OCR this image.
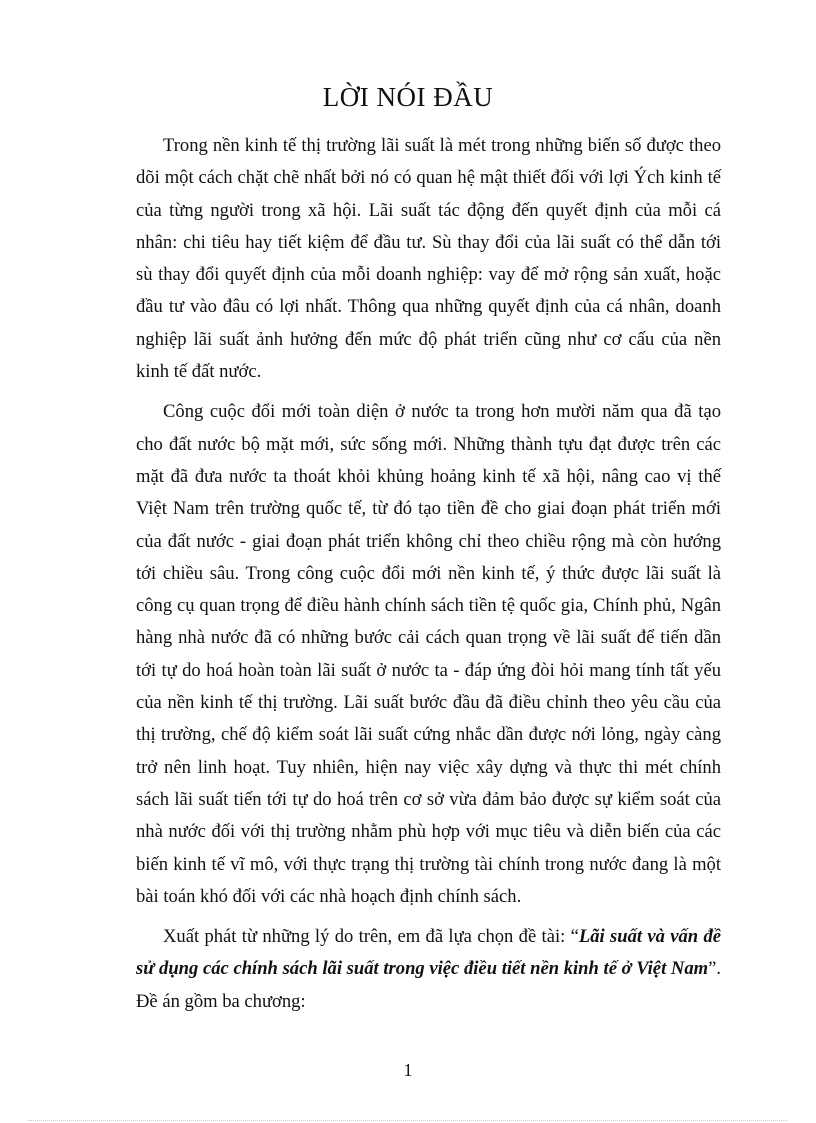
LỜI NÓI ĐẦU

Trong nền kinh tế thị trường lãi suất là mét trong những biến số được theo dõi một cách chặt chẽ nhất bởi nó có quan hệ mật thiết đối với lợi Ých kinh tế của từng người trong xã hội. Lãi suất tác động đến quyết định của mỗi cá nhân: chi tiêu hay tiết kiệm để đầu tư. Sù thay đổi của lãi suất có thể dẫn tới sù thay đổi quyết định của mỗi doanh nghiệp: vay để mở rộng sản xuất, hoặc đầu tư vào đâu có lợi nhất. Thông qua những quyết định của cá nhân, doanh nghiệp lãi suất ảnh hưởng đến mức độ phát triển cũng như cơ cấu của nền kinh tế đất nước.

Công cuộc đổi mới toàn diện ở nước ta trong hơn mười năm qua đã tạo cho đất nước bộ mặt mới, sức sống mới. Những thành tựu đạt được trên các mặt đã đưa nước ta thoát khỏi khủng hoảng kinh tế xã hội, nâng cao vị thế Việt Nam trên trường quốc tế, từ đó tạo tiền đề cho giai đoạn phát triển mới của đất nước - giai đoạn phát triển không chỉ theo chiều rộng mà còn hướng tới chiều sâu. Trong công cuộc đổi mới nền kinh tế, ý thức được lãi suất là công cụ quan trọng để điều hành chính sách tiền tệ quốc gia, Chính phủ, Ngân hàng nhà nước đã có những bước cải cách quan trọng về lãi suất để tiến dần tới tự do hoá hoàn toàn lãi suất ở nước ta - đáp ứng đòi hỏi mang tính tất yếu của nền kinh tế thị trường. Lãi suất bước đầu đã điều chỉnh theo yêu cầu của thị trường, chế độ kiểm soát lãi suất cứng nhắc dần được nới lỏng, ngày càng trở nên linh hoạt. Tuy nhiên, hiện nay việc xây dựng và thực thi mét chính sách lãi suất tiến tới tự do hoá trên cơ sở vừa đảm bảo được sự kiểm soát của nhà nước đối với thị trường nhằm phù hợp với mục tiêu và diễn biến của các biến kinh tế vĩ mô, với thực trạng thị trường tài chính trong nước đang là một bài toán khó đối với các nhà hoạch định chính sách.

Xuất phát từ những lý do trên, em đã lựa chọn đề tài: “Lãi suất và vấn đề sử dụng các chính sách lãi suất trong việc điều tiết nền kinh tế ở Việt Nam”. Đề án gồm ba chương:

1
